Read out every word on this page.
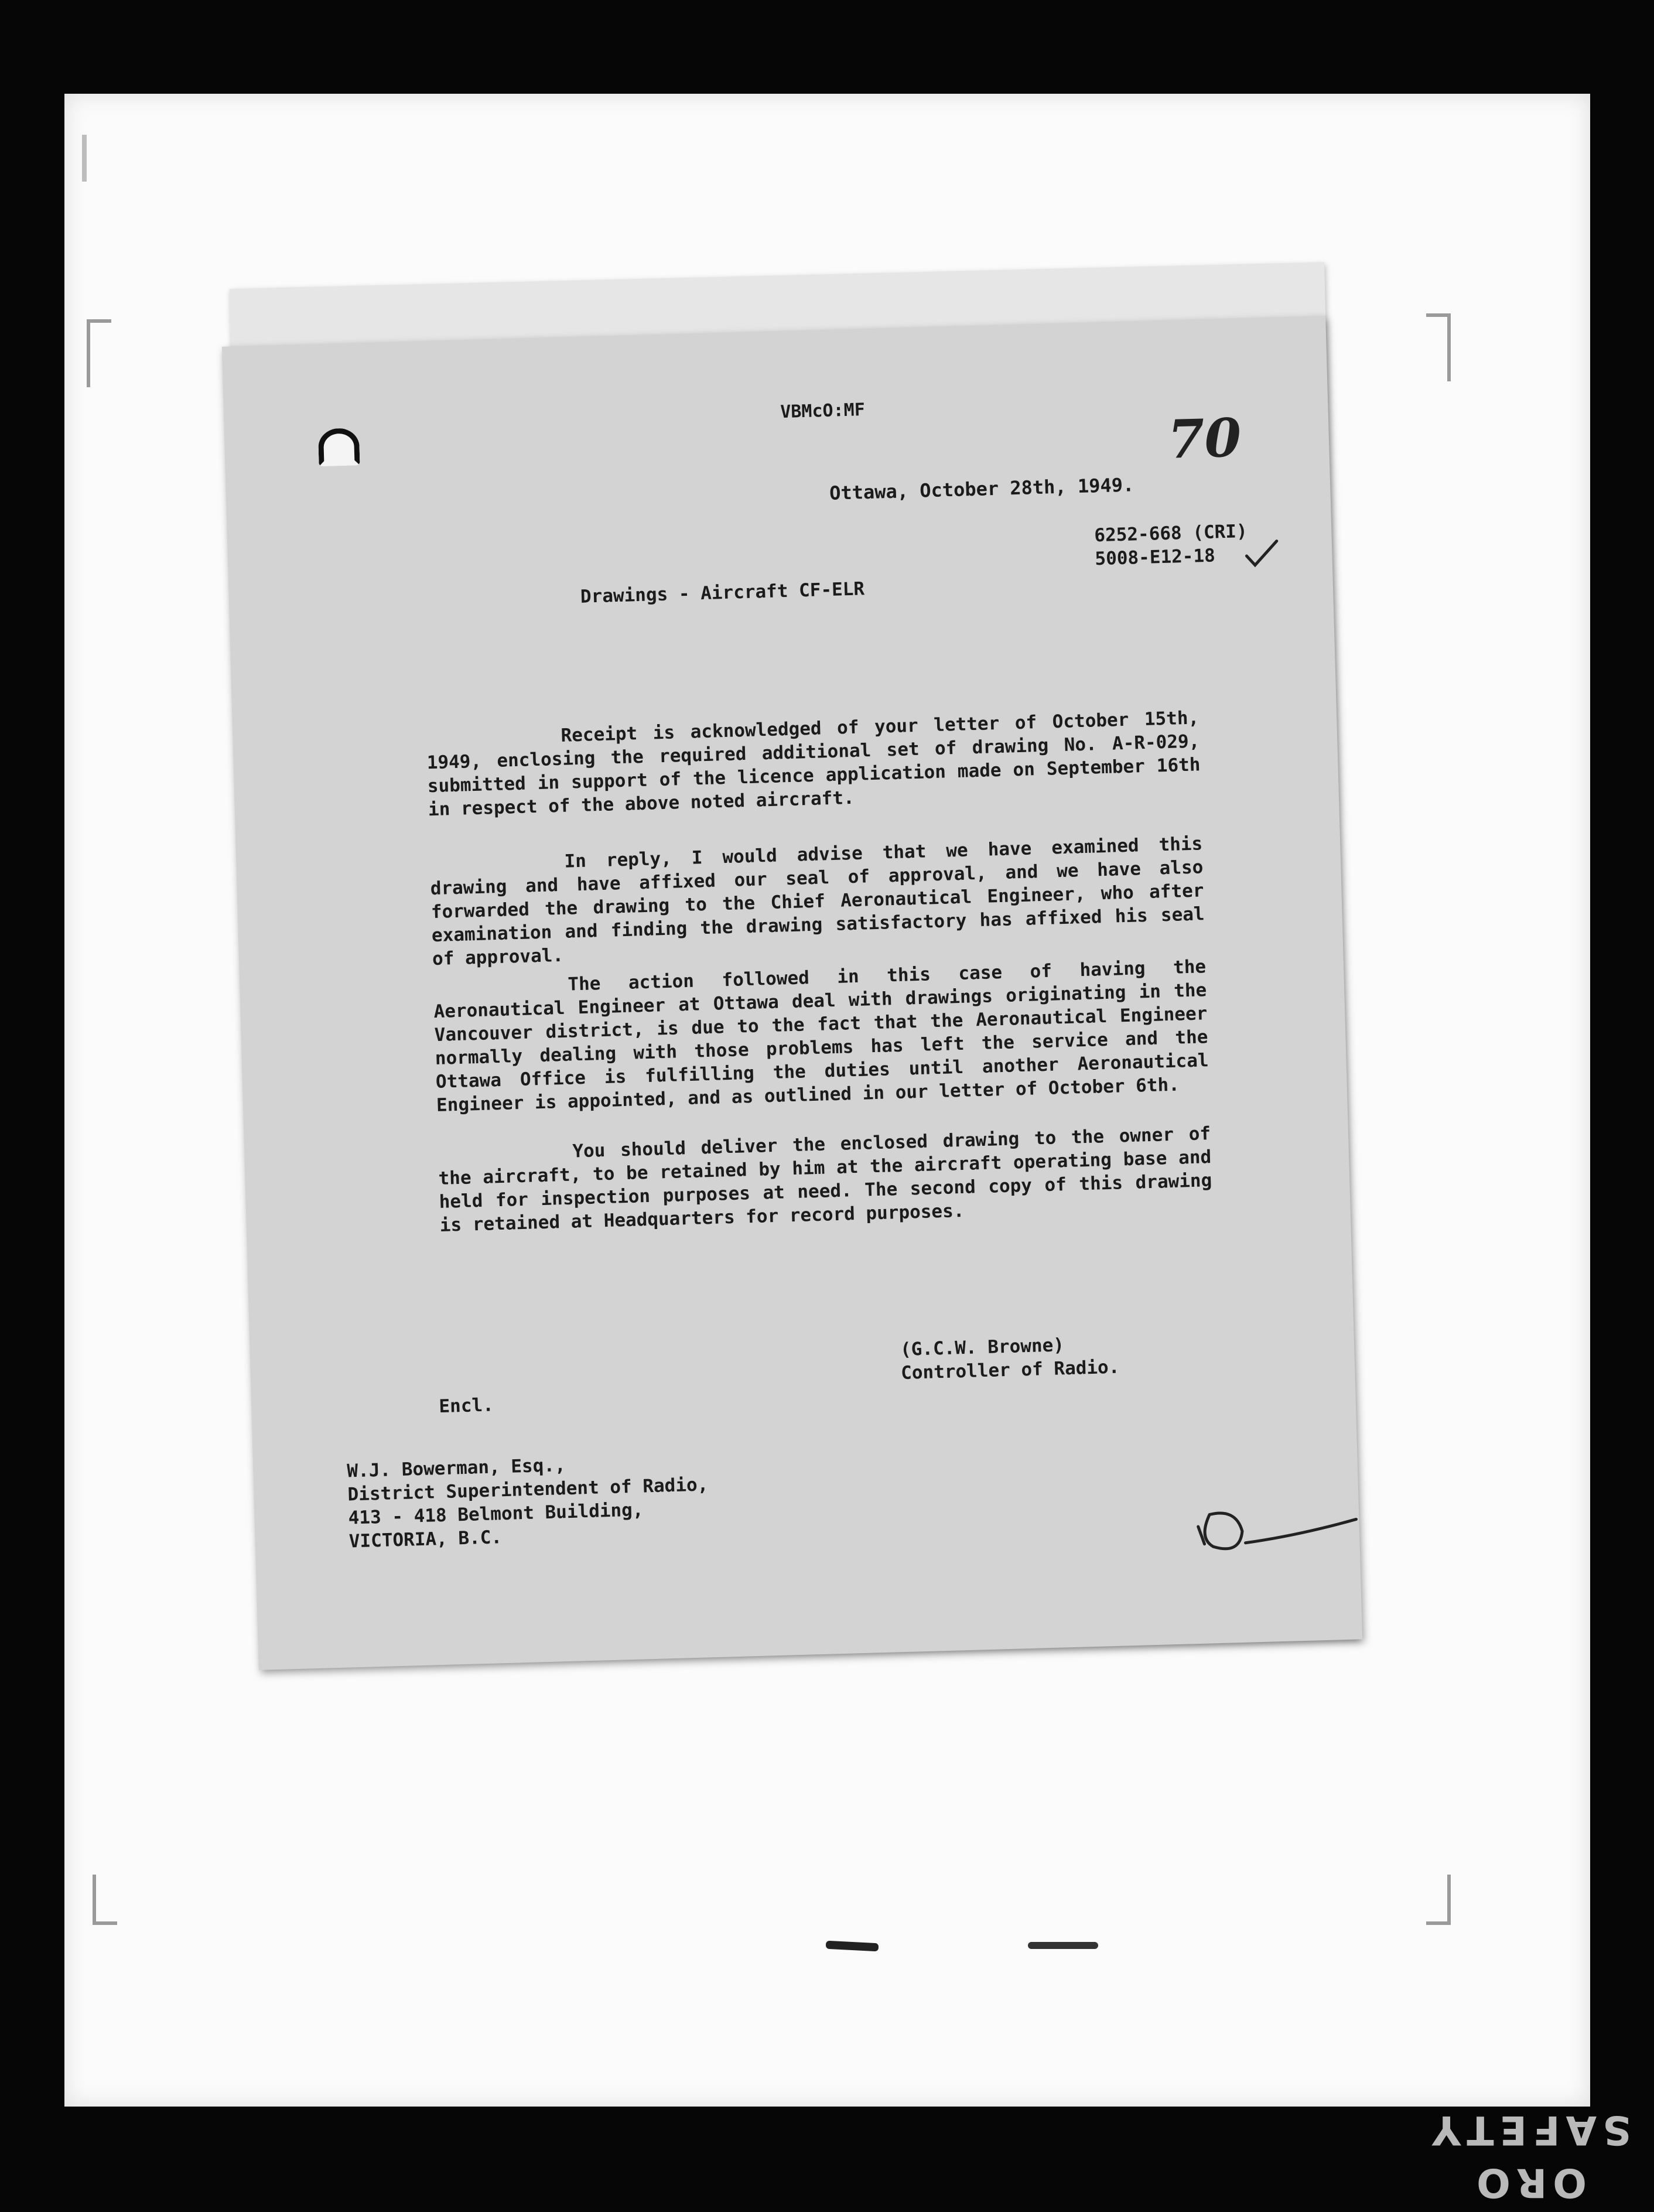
VBMcO:MF	70
Ottawa, October 28th, 1949.
6252-668 (CRI)
5008-E12-18
Drawings - Aircraft CF-ELR

Receipt is acknowledged of your letter of October 15th, 1949, enclosing the required additional set of drawing No. A-R-029, submitted in support of the licence application made on September 16th in respect of the above noted aircraft.

In reply, I would advise that we have examined this drawing and have affixed our seal of approval, and we have also forwarded the drawing to the Chief Aeronautical Engineer, who after examination and finding the drawing satisfactory has affixed his seal of approval. The action followed in this case of having the Aeronautical Engineer at Ottawa deal with drawings originating in the Vancouver district, is due to the fact that the Aeronautical Engineer normally dealing with those problems has left the service and the Ottawa Office is fulfilling the duties until another Aeronautical Engineer is appointed, and as outlined in our letter of October 6th.

You should deliver the enclosed drawing to the owner of the aircraft, to be retained by him at the aircraft operating base and held for inspection purposes at need. The second copy of this drawing is retained at Headquarters for record purposes.

(G.C.W. Browne)
Controller of Radio.
Encl.
W.J. Bowerman, Esq.,
District Superintendent of Radio,
413 - 418 Belmont Building,
VICTORIA, B.C.
ORO SAFETY
